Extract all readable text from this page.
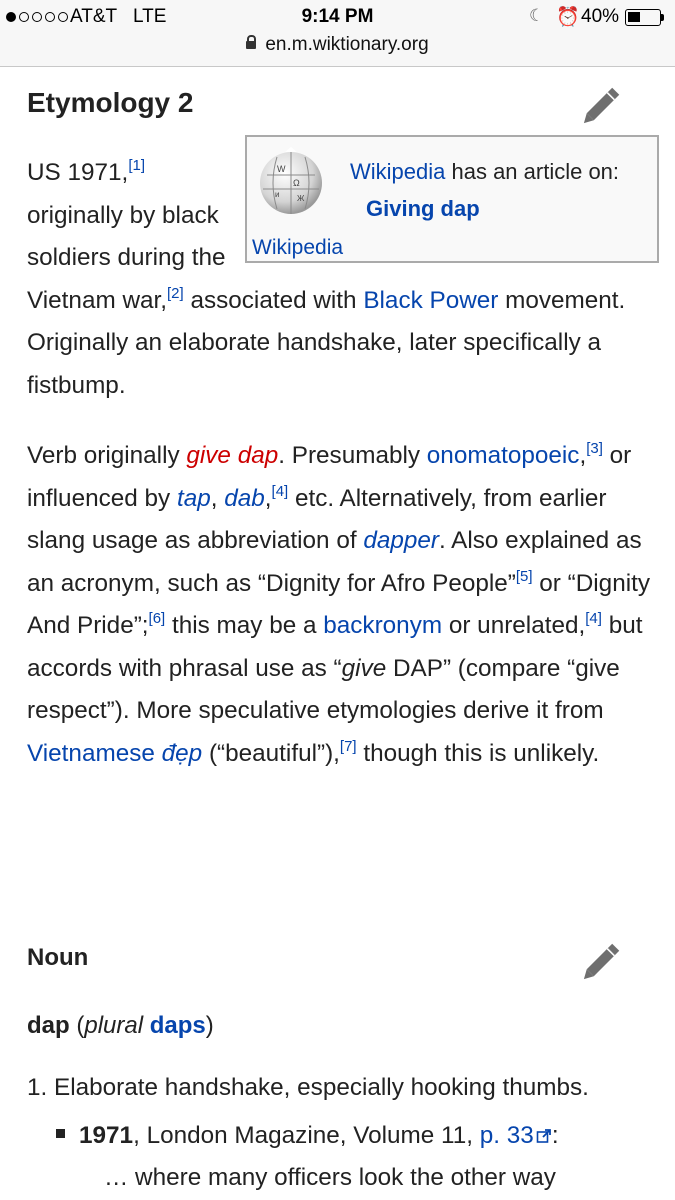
AT&T LTE	9:14 PM	☾ ⏰ 40%
en.m.wiktionary.org
Etymology 2
W
Ω
и Ж
Wikipedia has an article on:
Giving dap
Wikipedia

US 1971,[1] originally by black soldiers during the Vietnam war,[2] associated with Black Power movement. Originally an elaborate handshake, later specifically a fistbump.

Verb originally give dap. Presumably onomatopoeic,[3] or influenced by tap, dab,[4] etc. Alternatively, from earlier slang usage as abbreviation of dapper. Also explained as an acronym, such as “Dignity for Afro People”[5] or “Dignity And Pride”;[6] this may be a backronym or unrelated,[4] but accords with phrasal use as “give DAP” (compare “give respect”). More speculative etymologies derive it from Vietnamese đẹp (“beautiful”),[7] though this is unlikely.

Noun
dap (plural daps)
1. Elaborate handshake, especially hooking thumbs.
1971, London Magazine, Volume 11, p. 33 :
… where many officers look the other way
